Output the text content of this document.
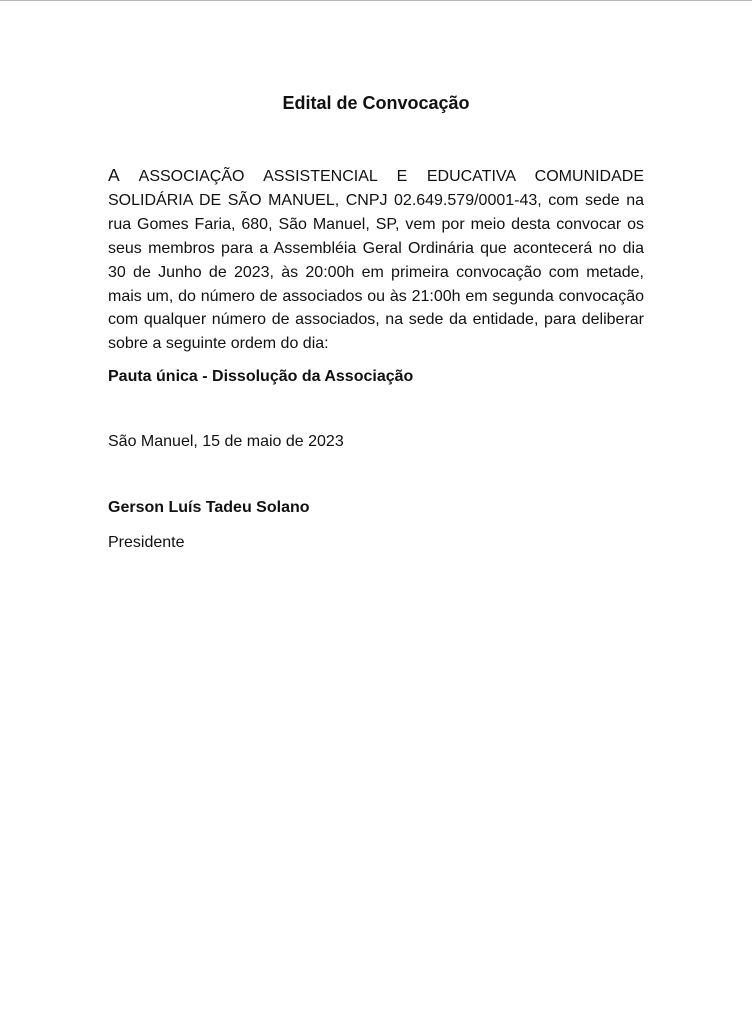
Edital de Convocação

A ASSOCIAÇÃO ASSISTENCIAL E EDUCATIVA COMUNIDADE SOLIDÁRIA DE SÃO MANUEL, CNPJ 02.649.579/0001-43, com sede na rua Gomes Faria, 680, São Manuel, SP, vem por meio desta convocar os seus membros para a Assembléia Geral Ordinária que acontecerá no dia 30 de Junho de 2023, às 20:00h em primeira convocação com metade, mais um, do número de associados ou às 21:00h em segunda convocação com qualquer número de associados, na sede da entidade, para deliberar sobre a seguinte ordem do dia:

Pauta única - Dissolução da Associação
São Manuel, 15 de maio de 2023
Gerson Luís Tadeu Solano
Presidente
